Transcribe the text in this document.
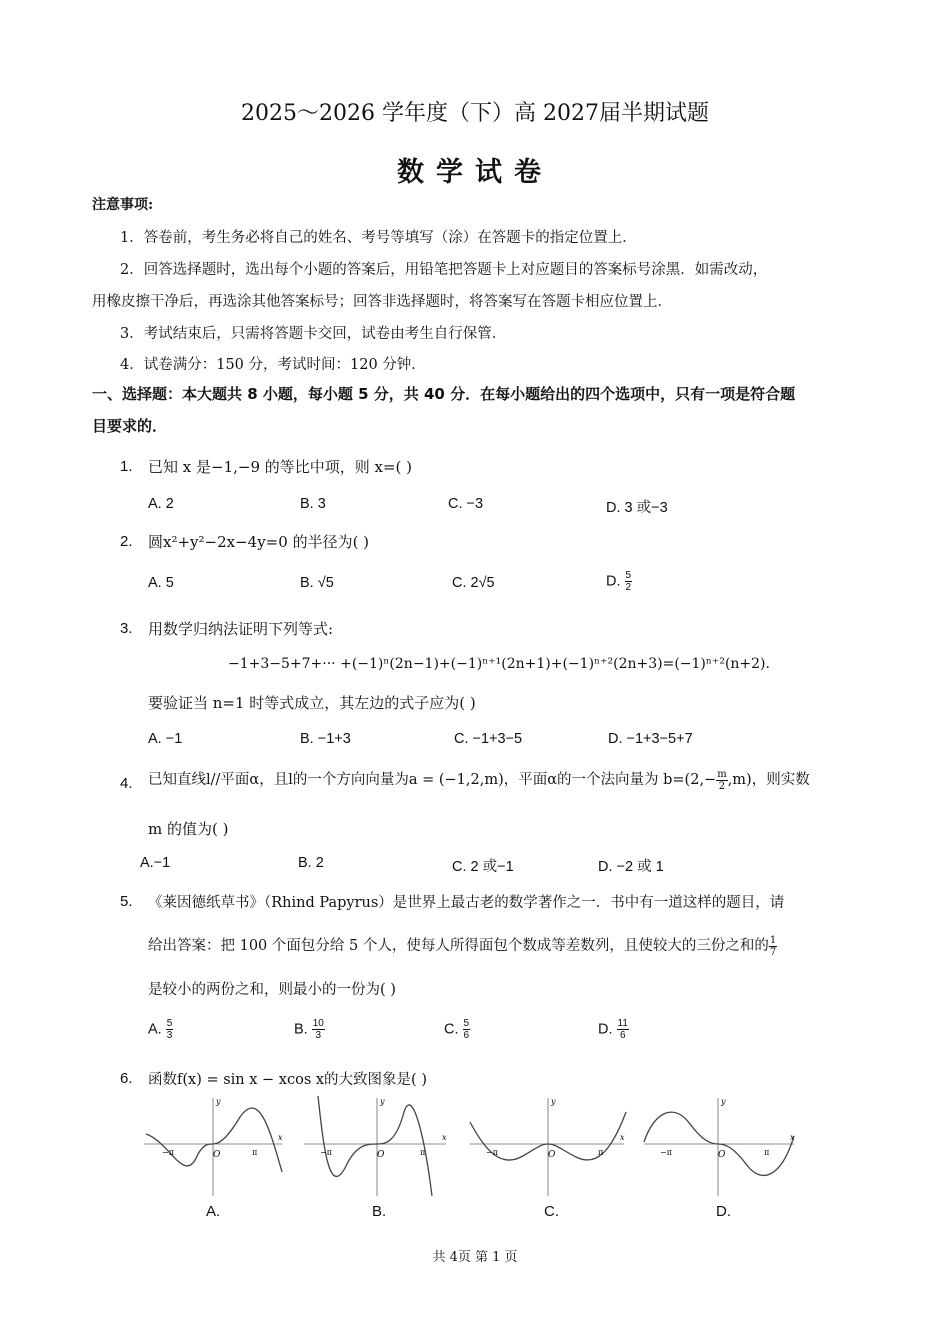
2025～2026 学年度（下）高 2027届半期试题
数学试卷
注意事项:
1．答卷前，考生务必将自己的姓名、考号等填写（涂）在答题卡的指定位置上．
2．回答选择题时，选出每个小题的答案后，用铅笔把答题卡上对应题目的答案标号涂黑．如需改动，
用橡皮擦干净后，再选涂其他答案标号；回答非选择题时，将答案写在答题卡相应位置上．
3．考试结束后，只需将答题卡交回，试卷由考生自行保管．
4．试卷满分：150 分，考试时间：120 分钟．
一、选择题：本大题共 8 小题，每小题 5 分，共 40 分．在每小题给出的四个选项中，只有一项是符合题
目要求的．
1. 已知 x 是−1,−9 的等比中项，则 x=( )
A. 2	B. 3	C. −3	D. 3 或−3
2. 圆x²+y²−2x−4y=0 的半径为( )
A. 5	B. √5	C. 2√5	D. $\frac{5}{2}$
3. 用数学归纳法证明下列等式:
−1+3−5+7+··· +(−1)ⁿ(2n−1)+(−1)ⁿ⁺¹(2n+1)+(−1)ⁿ⁺²(2n+3)=(−1)ⁿ⁺²(n+2).
要验证当 n=1 时等式成立，其左边的式子应为( )
A. −1	B. −1+3	C. −1+3−5	D. −1+3−5+7
4. 已知直线l//平面α，且l的一个方向向量为a = (−1,2,m)，平面α的一个法向量为 $b=(2,- \frac{m}{2} ,m)$，则实数
m 的值为( )
A.−1	B. 2	C. 2 或−1	D. −2 或 1
5. 《莱因德纸草书》（Rhind Papyrus）是世界上最古老的数学著作之一．书中有一道这样的题目，请
给出答案：把 100 个面包分给 5 个人，使每人所得面包个数成等差数列，且使较大的三份之和的 $\frac{1}{7}$
是较小的两份之和，则最小的一份为( )
A. $\frac{5}{3}$	B. $\frac{10}{3}$	C. $\frac{5}{6}$	D. $\frac{11}{6}$
6. 函数f(x) = sin x − xcos x的大致图象是( )
x
y
O
−π	π
A.
x
y
O
−π	π
B.
x
y
O
−π	π
C.
x
y
O
−π	π
D.
共 4页 第 1 页
